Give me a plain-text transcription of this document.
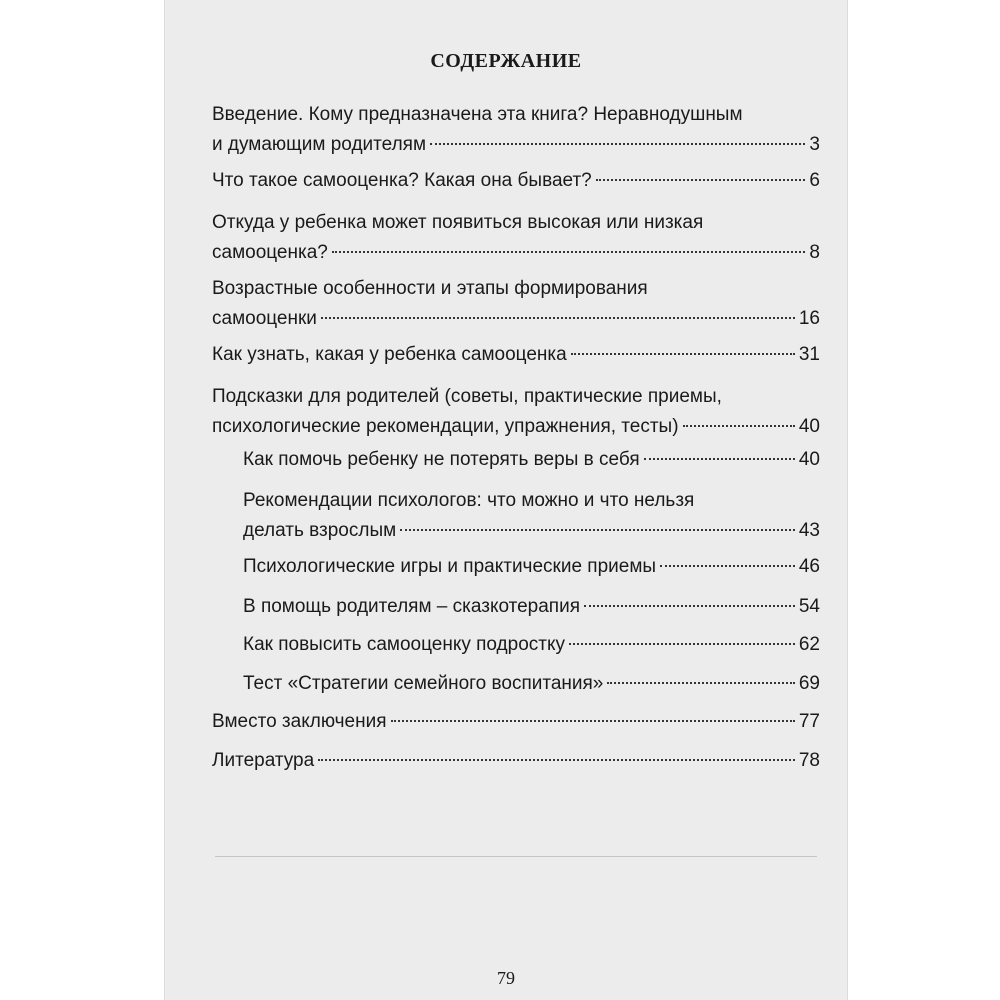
СОДЕРЖАНИЕ
Введение. Кому предназначена эта книга? Неравнодушным
и думающим родителям	3
Что такое самооценка? Какая она бывает?	6
Откуда у ребенка может появиться высокая или низкая
самооценка?	8
Возрастные особенности и этапы формирования
самооценки	16
Как узнать, какая у ребенка самооценка	31
Подсказки для родителей (советы, практические приемы,
психологические рекомендации, упражнения, тесты)	40
Как помочь ребенку не потерять веры в себя	40
Рекомендации психологов: что можно и что нельзя
делать взрослым	43
Психологические игры и практические приемы	46
В помощь родителям – сказкотерапия	54
Как повысить самооценку подростку	62
Тест «Стратегии семейного воспитания»	69
Вместо заключения	77
Литература	78
79
